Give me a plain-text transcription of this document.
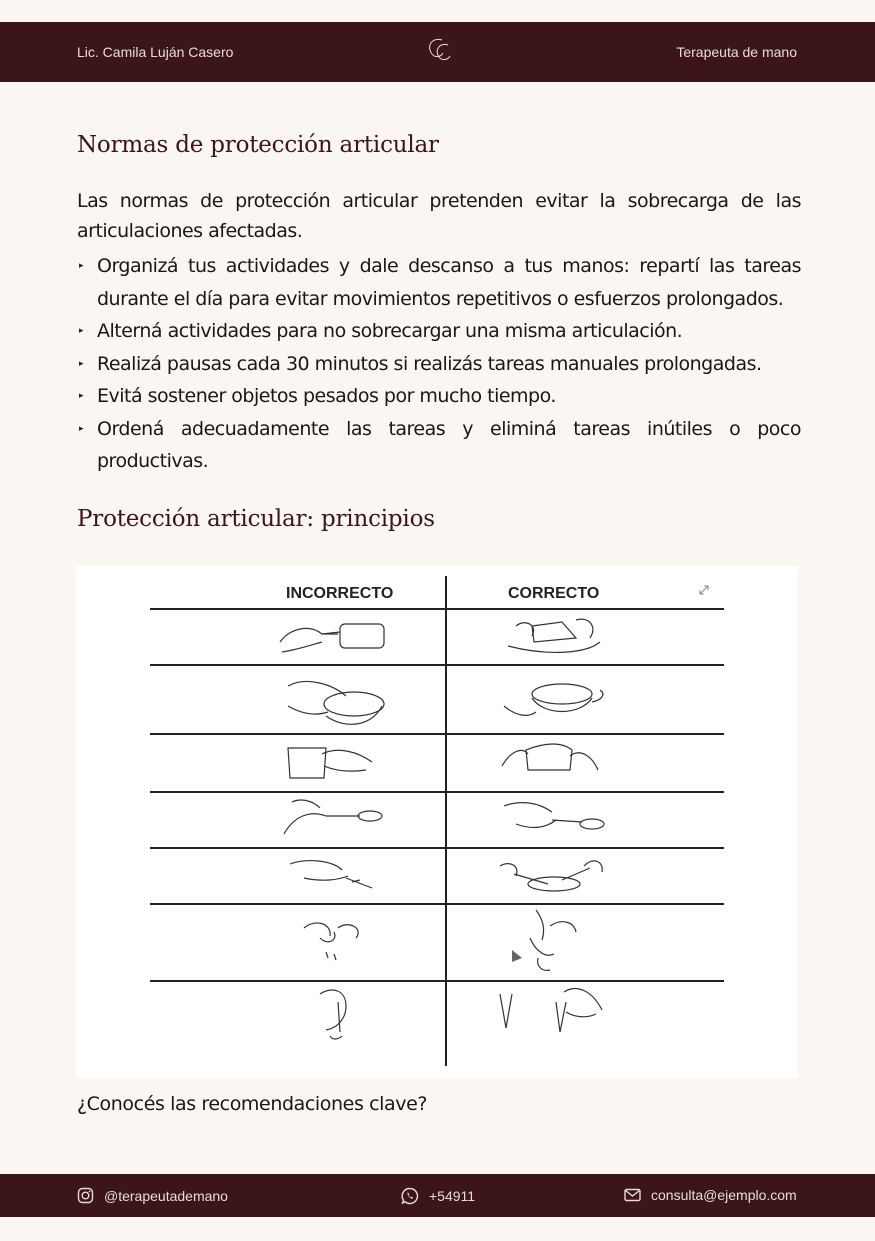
Lic. Camila Luján Casero	Terapeuta de mano
Normas de protección articular
Las normas de protección articular pretenden evitar la sobrecarga de las articulaciones afectadas.
▸ Organizá tus actividades y dale descanso a tus manos: repartí las tareas durante el día para evitar movimientos repetitivos o esfuerzos prolongados.
▸ Alterná actividades para no sobrecargar una misma articulación.
▸ Realizá pausas cada 30 minutos si realizás tareas manuales prolongadas.
▸ Evitá sostener objetos pesados por mucho tiempo.
▸ Ordená adecuadamente las tareas y eliminá tareas inútiles o poco productivas.
Protección articular: principios
INCORRECTO	CORRECTO
¿Conocés las recomendaciones clave?
@terapeutademano	+54911	consulta@ejemplo.com
